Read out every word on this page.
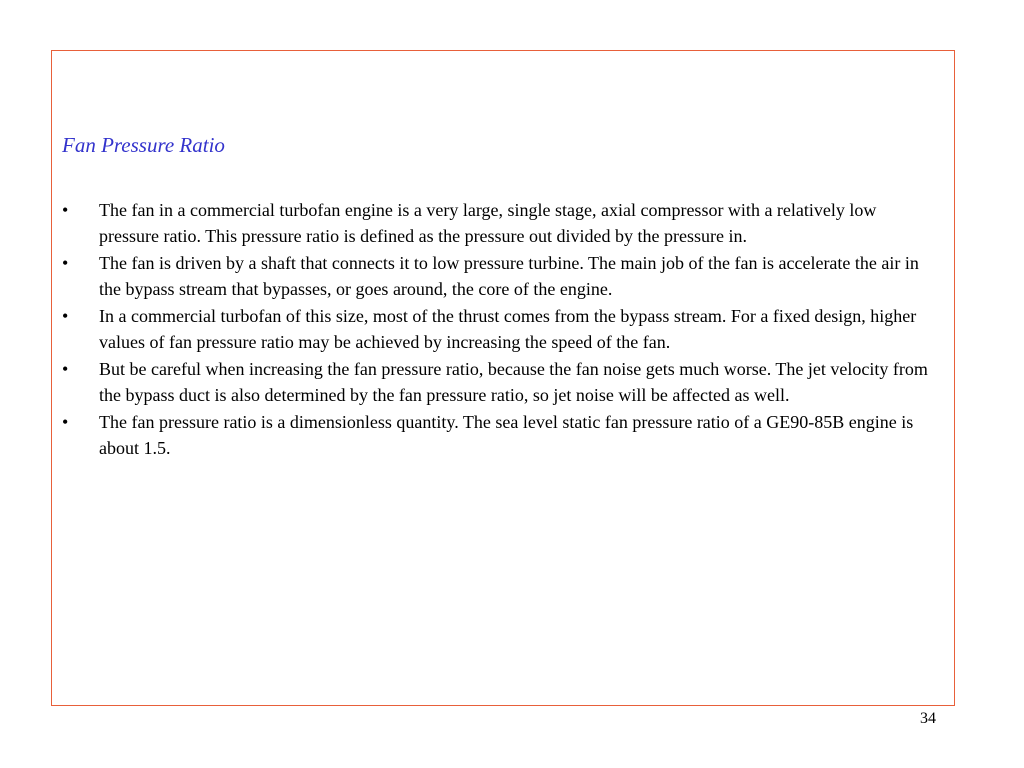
Fan Pressure Ratio
• The fan in a commercial turbofan engine is a very large, single stage, axial compressor with a relatively low pressure ratio. This pressure ratio is defined as the pressure out divided by the pressure in.
• The fan is driven by a shaft that connects it to low pressure turbine. The main job of the fan is accelerate the air in the bypass stream that bypasses, or goes around, the core of the engine.
• In a commercial turbofan of this size, most of the thrust comes from the bypass stream. For a fixed design, higher values of fan pressure ratio may be achieved by increasing the speed of the fan.
• But be careful when increasing the fan pressure ratio, because the fan noise gets much worse. The jet velocity from the bypass duct is also determined by the fan pressure ratio, so jet noise will be affected as well.
• The fan pressure ratio is a dimensionless quantity. The sea level static fan pressure ratio of a GE90-85B engine is about 1.5.
34
